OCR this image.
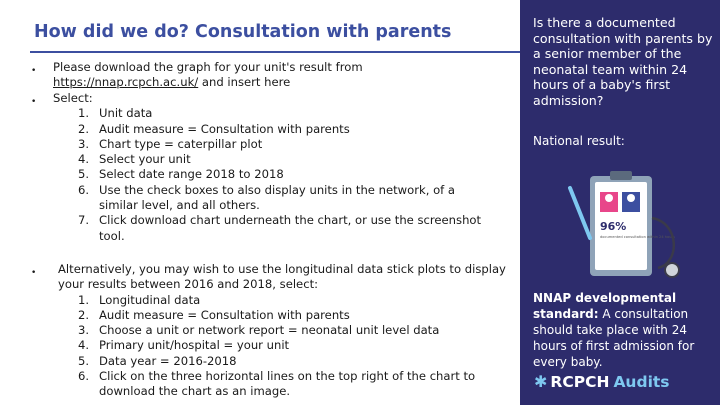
How did we do? Consultation with parents
• Please download the graph for your unit's result from
https://nnap.rcpch.ac.uk/ and insert here
• Select:
1. Unit data
2. Audit measure = Consultation with parents
3. Chart type = caterpillar plot
4. Select your unit
5. Select date range 2018 to 2018
6. Use the check boxes to also display units in the network, of a similar level, and all others.
7. Click download chart underneath the chart, or use the screenshot tool.
• Alternatively, you may wish to use the longitudinal data stick plots to display your results between 2016 and 2018, select:
1. Longitudinal data
2. Audit measure = Consultation with parents
3. Choose a unit or network report = neonatal unit level data
4. Primary unit/hospital = your unit
5. Data year = 2016-2018
6. Click on the three horizontal lines on the top right of the chart to download the chart as an image.
Is there a documented consultation with parents by a senior member of the neonatal team within 24 hours of a baby's first admission?
National result:
96%
documented consultation within 24 hours
NNAP developmental standard: A consultation should take place with 24 hours of first admission for every baby.
✱ RCPCH Audits
